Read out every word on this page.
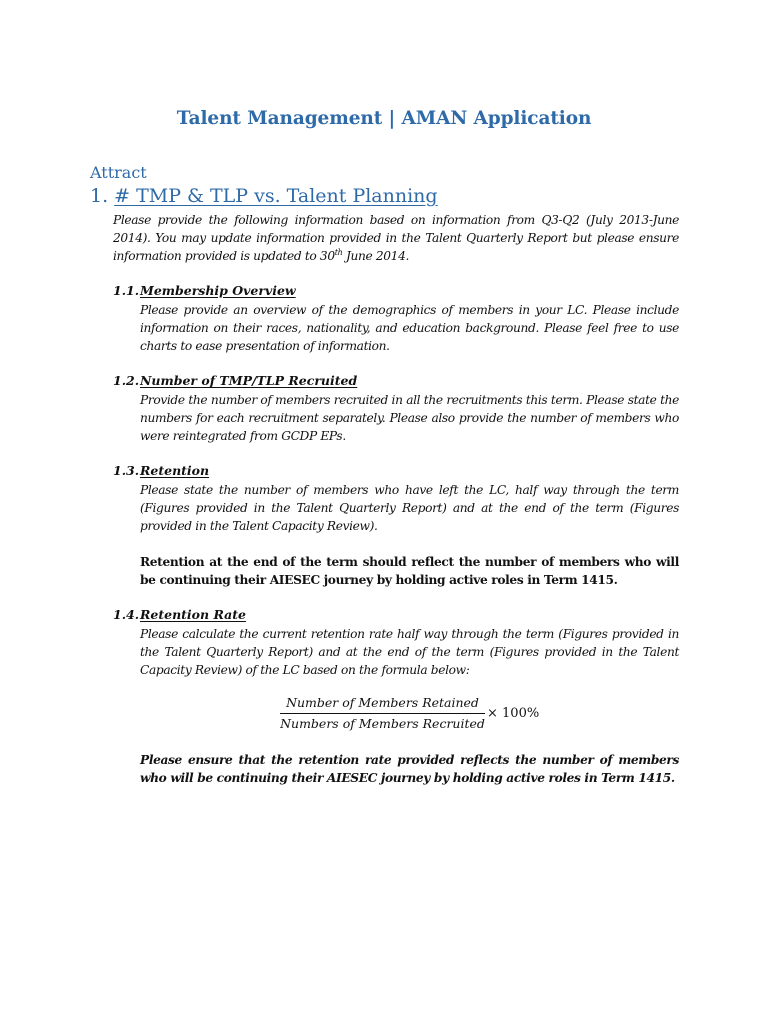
Talent Management | AMAN Application
Attract
1. # TMP & TLP vs. Talent Planning
Please provide the following information based on information from Q3-Q2 (July 2013-June 2014). You may update information provided in the Talent Quarterly Report but please ensure information provided is updated to 30th June 2014.
1.1.Membership Overview
Please provide an overview of the demographics of members in your LC. Please include information on their races, nationality, and education background. Please feel free to use charts to ease presentation of information.
1.2.Number of TMP/TLP Recruited
Provide the number of members recruited in all the recruitments this term. Please state the numbers for each recruitment separately. Please also provide the number of members who were reintegrated from GCDP EPs.
1.3.Retention
Please state the number of members who have left the LC, half way through the term (Figures provided in the Talent Quarterly Report) and at the end of the term (Figures provided in the Talent Capacity Review).
Retention at the end of the term should reflect the number of members who will be continuing their AIESEC journey by holding active roles in Term 1415.
1.4.Retention Rate
Please calculate the current retention rate half way through the term (Figures provided in the Talent Quarterly Report) and at the end of the term (Figures provided in the Talent Capacity Review) of the LC based on the formula below:
Number of Members Retained
Numbers of Members Recruited
× 100%
Please ensure that the retention rate provided reflects the number of members who will be continuing their AIESEC journey by holding active roles in Term 1415.
